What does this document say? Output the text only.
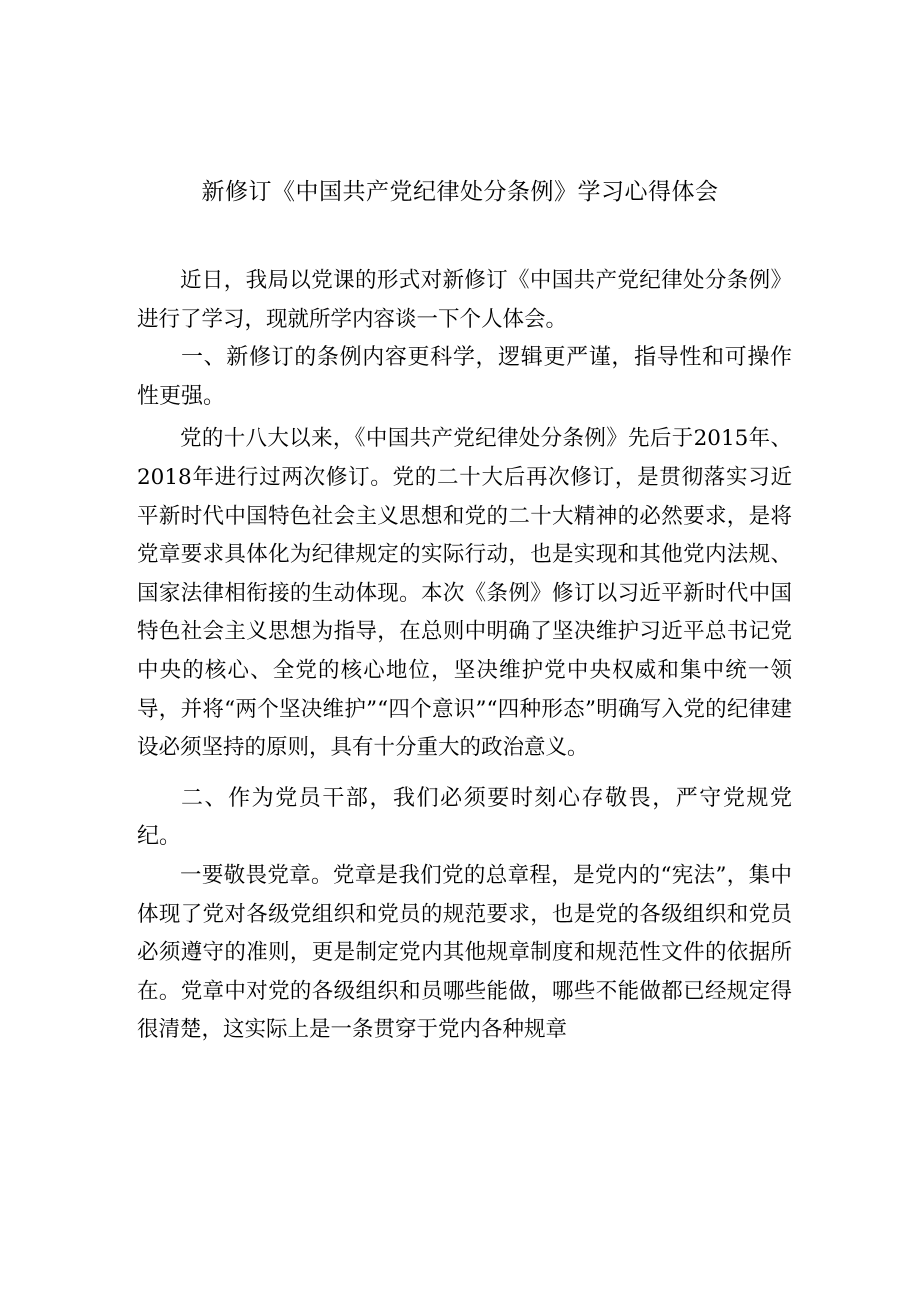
新修订《中国共产党纪律处分条例》学习心得体会

近日，我局以党课的形式对新修订《中国共产党纪律处分条例》进行了学习，现就所学内容谈一下个人体会。

一、新修订的条例内容更科学，逻辑更严谨，指导性和可操作性更强。

党的十八大以来，《中国共产党纪律处分条例》先后于2015年、2018年进行过两次修订。党的二十大后再次修订，是贯彻落实习近平新时代中国特色社会主义思想和党的二十大精神的必然要求，是将党章要求具体化为纪律规定的实际行动，也是实现和其他党内法规、国家法律相衔接的生动体现。本次《条例》修订以习近平新时代中国特色社会主义思想为指导，在总则中明确了坚决维护习近平总书记党中央的核心、全党的核心地位，坚决维护党中央权威和集中统一领导，并将“两个坚决维护”“四个意识”“四种形态”明确写入党的纪律建设必须坚持的原则，具有十分重大的政治意义。

二、作为党员干部，我们必须要时刻心存敬畏，严守党规党纪。

一要敬畏党章。党章是我们党的总章程，是党内的“宪法”，集中体现了党对各级党组织和党员的规范要求，也是党的各级组织和党员必须遵守的准则，更是制定党内其他规章制度和规范性文件的依据所在。党章中对党的各级组织和员哪些能做，哪些不能做都已经规定得很清楚，这实际上是一条贯穿于党内各种规章
